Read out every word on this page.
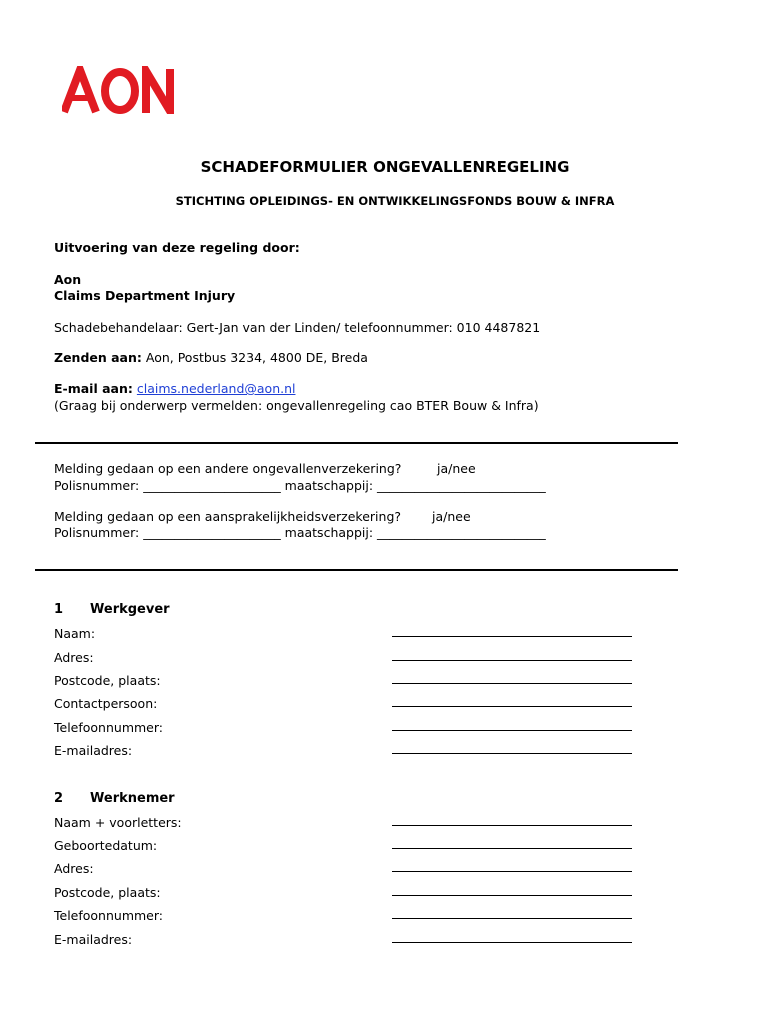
SCHADEFORMULIER ONGEVALLENREGELING
STICHTING OPLEIDINGS- EN ONTWIKKELINGSFONDS BOUW & INFRA
Uitvoering van deze regeling door:
Aon
Claims Department Injury
Schadebehandelaar: Gert-Jan van der Linden/ telefoonnummer: 010 4487821
Zenden aan: Aon, Postbus 3234, 4800 DE, Breda
E-mail aan: claims.nederland@aon.nl
(Graag bij onderwerp vermelden: ongevallenregeling cao BTER Bouw & Infra)
Melding gedaan op een andere ongevallenverzekering?	ja/nee
Polisnummer: ______________________ maatschappij: ___________________________
Melding gedaan op een aansprakelijkheidsverzekering? ja/nee
Polisnummer: ______________________ maatschappij: ___________________________
1 Werkgever
Naam:
Adres:
Postcode, plaats:
Contactpersoon:
Telefoonnummer:
E-mailadres:
2 Werknemer
Naam + voorletters:
Geboortedatum:
Adres:
Postcode, plaats:
Telefoonnummer:
E-mailadres:
